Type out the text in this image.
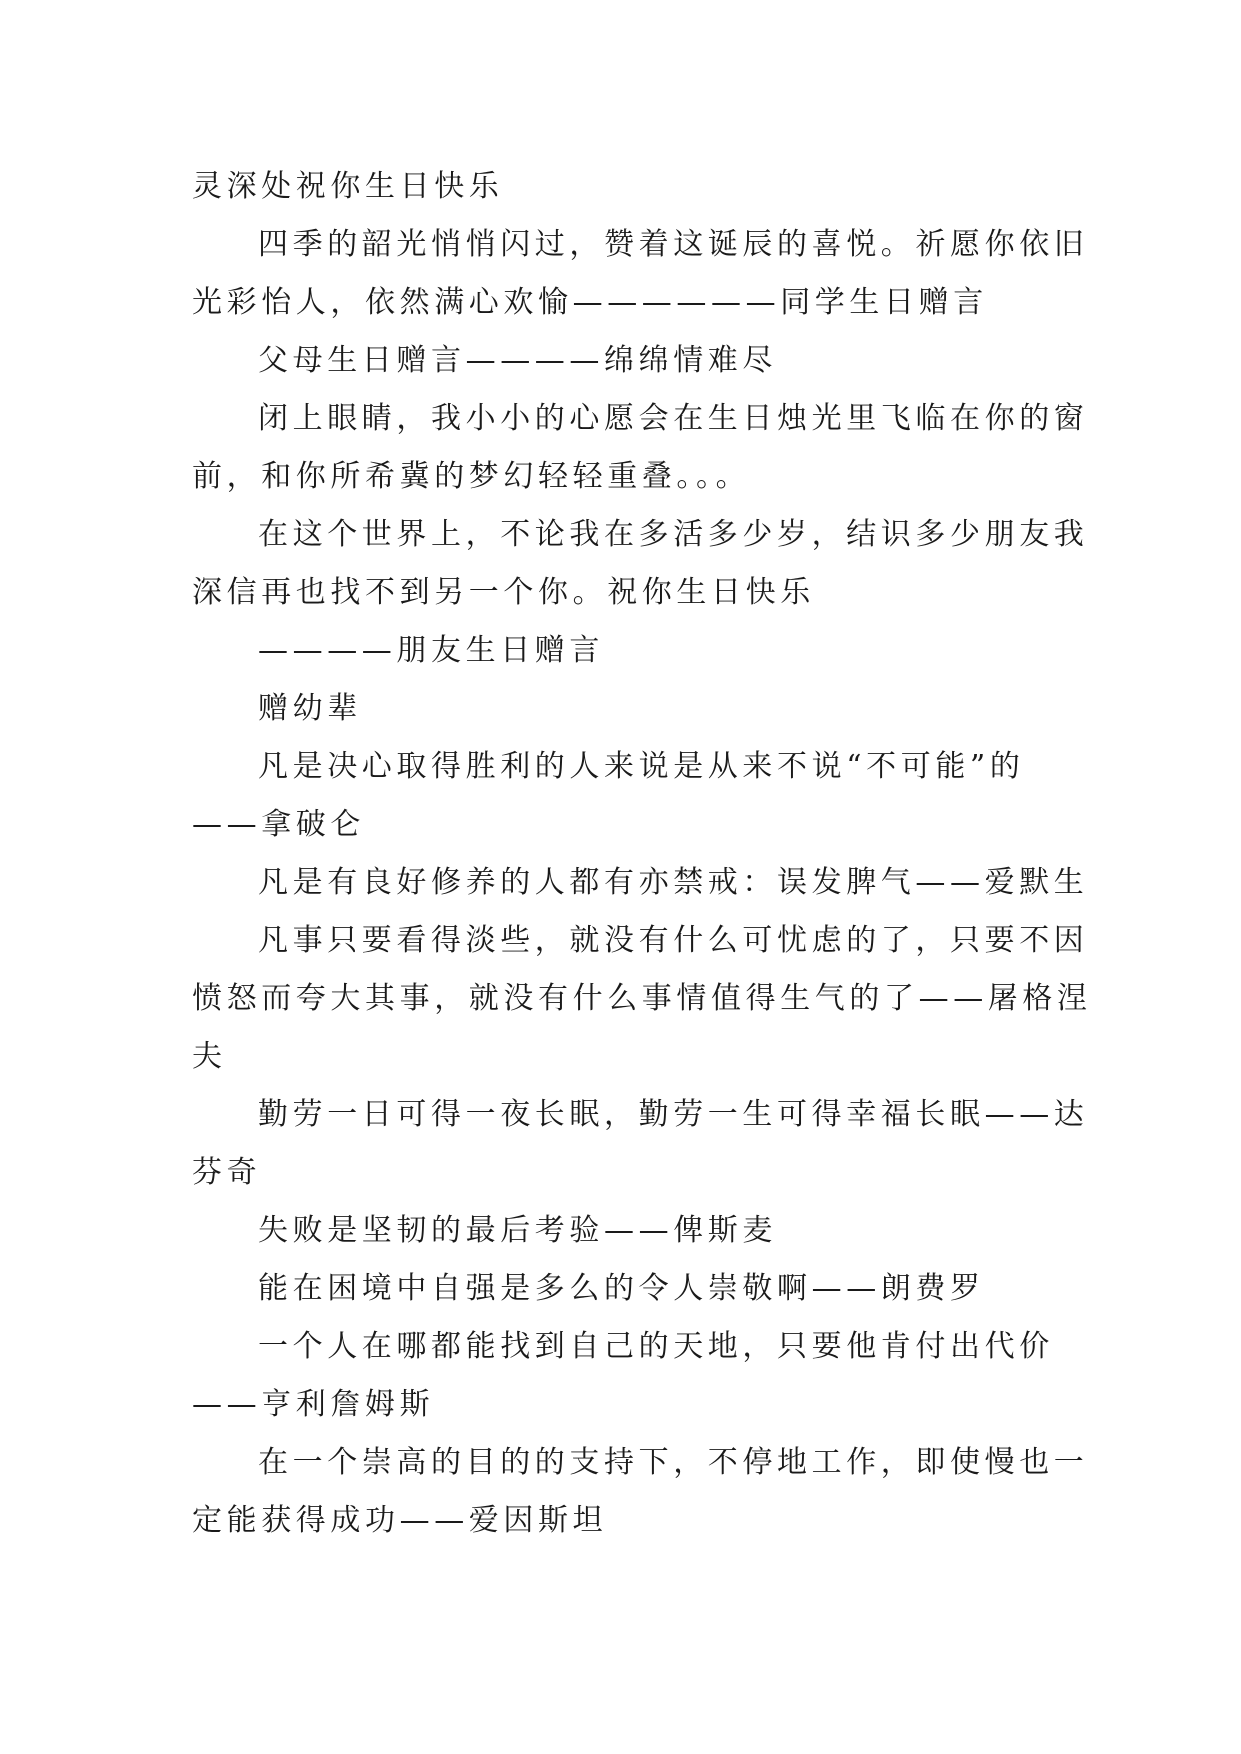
灵深处祝你生日快乐
四季的韶光悄悄闪过，赞着这诞辰的喜悦。祈愿你依旧
光彩怡人，依然满心欢愉——————同学生日赠言
父母生日赠言————绵绵情难尽
闭上眼睛，我小小的心愿会在生日烛光里飞临在你的窗
前，和你所希冀的梦幻轻轻重叠。。。
在这个世界上，不论我在多活多少岁，结识多少朋友我
深信再也找不到另一个你。祝你生日快乐
————朋友生日赠言
赠幼辈
凡是决心取得胜利的人来说是从来不说“不可能”的
——拿破仑
凡是有良好修养的人都有亦禁戒：误发脾气——爱默生
凡事只要看得淡些，就没有什么可忧虑的了，只要不因
愤怒而夸大其事，就没有什么事情值得生气的了——屠格涅
夫
勤劳一日可得一夜长眠，勤劳一生可得幸福长眠——达
芬奇
失败是坚韧的最后考验——俾斯麦
能在困境中自强是多么的令人崇敬啊——朗费罗
一个人在哪都能找到自己的天地，只要他肯付出代价
——亨利詹姆斯
在一个崇高的目的的支持下，不停地工作，即使慢也一
定能获得成功——爱因斯坦
